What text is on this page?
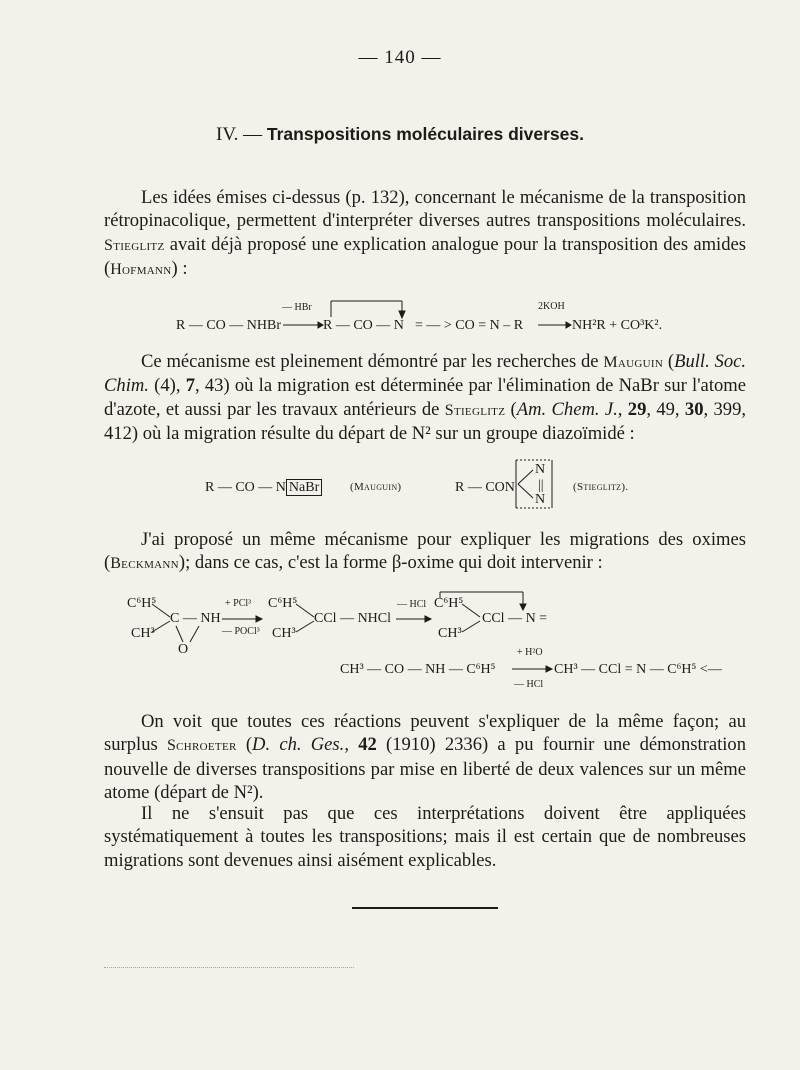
— 140 —
IV. — Transpositions moléculaires diverses.

Les idées émises ci-dessus (p. 132), concernant le mécanisme de la transposition rétropinacolique, permettent d'interpréter diverses autres transpositions moléculaires. Stieglitz avait déjà proposé une explication analogue pour la transposition des amides (Hofmann) :

R — CO — NHBr
— HBr
R — CO — N = — > CO = N – R
2KOH
NH²R + CO³K².

Ce mécanisme est pleinement démontré par les recherches de Mauguin (Bull. Soc. Chim. (4), 7, 43) où la migration est déterminée par l'élimination de NaBr sur l'atome d'azote, et aussi par les travaux antérieurs de Stieglitz (Am. Chem. J., 29, 49, 30, 399, 412) où la migration résulte du départ de N² sur un groupe diazoïmidé :

R — CO — N NaBr	(Mauguin)	R — CON
N
||
N
(Stieglitz).

J'ai proposé un même mécanisme pour expliquer les migrations des oximes (Beckmann); dans ce cas, c'est la forme β-oxime qui doit intervenir :

C⁶H⁵
CH³
C — NH
O
+ PCl³
— POCl³
C⁶H⁵
CH³
CCl — NHCl
— HCl C⁶H⁵
CH³
CCl — N =
CH³ — CO — NH — C⁶H⁵
+ H²O
— HCl
CH³ — CCl = N — C⁶H⁵ <—

On voit que toutes ces réactions peuvent s'expliquer de la même façon; au surplus Schroeter (D. ch. Ges., 42 (1910) 2336) a pu fournir une démonstration nouvelle de diverses transpositions par mise en liberté de deux valences sur un même atome (départ de N²).

Il ne s'ensuit pas que ces interprétations doivent être appliquées systématiquement à toutes les transpositions; mais il est certain que de nombreuses migrations sont devenues ainsi aisément explicables.
